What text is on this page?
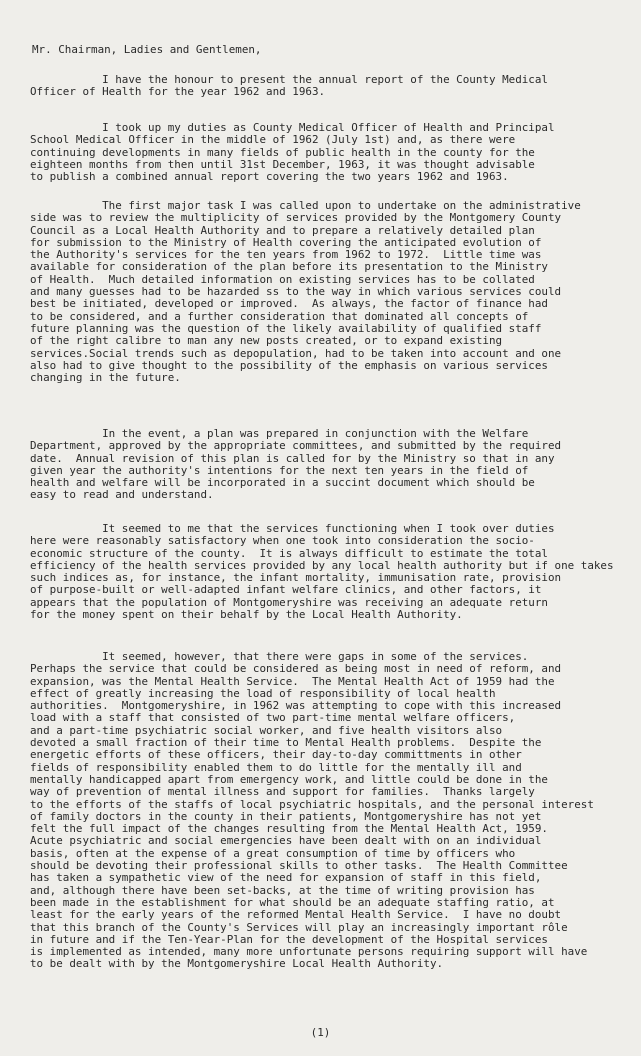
Mr. Chairman, Ladies and Gentlemen,
I have the honour to present the annual report of the County Medical
Officer of Health for the year 1962 and 1963.
I took up my duties as County Medical Officer of Health and Principal
School Medical Officer in the middle of 1962 (July 1st) and, as there were
continuing developments in many fields of public health in the county for the
eighteen months from then until 31st December, 1963, it was thought advisable
to publish a combined annual report covering the two years 1962 and 1963.
The first major task I was called upon to undertake on the administrative
side was to review the multiplicity of services provided by the Montgomery County
Council as a Local Health Authority and to prepare a relatively detailed plan
for submission to the Ministry of Health covering the anticipated evolution of
the Authority's services for the ten years from 1962 to 1972.  Little time was
available for consideration of the plan before its presentation to the Ministry
of Health.  Much detailed information on existing services has to be collated
and many guesses had to be hazarded ss to the way in which various services could
best be initiated, developed or improved.  As always, the factor of finance had
to be considered, and a further consideration that dominated all concepts of
future planning was the question of the likely availability of qualified staff
of the right calibre to man any new posts created, or to expand existing
services.Social trends such as depopulation, had to be taken into account and one
also had to give thought to the possibility of the emphasis on various services
changing in the future.
In the event, a plan was prepared in conjunction with the Welfare
Department, approved by the appropriate committees, and submitted by the required
date.  Annual revision of this plan is called for by the Ministry so that in any
given year the authority's intentions for the next ten years in the field of
health and welfare will be incorporated in a succint document which should be
easy to read and understand.
It seemed to me that the services functioning when I took over duties
here were reasonably satisfactory when one took into consideration the socio-
economic structure of the county.  It is always difficult to estimate the total
efficiency of the health services provided by any local health authority but if one takes
such indices as, for instance, the infant mortality, immunisation rate, provision
of purpose-built or well-adapted infant welfare clinics, and other factors, it
appears that the population of Montgomeryshire was receiving an adequate return
for the money spent on their behalf by the Local Health Authority.
It seemed, however, that there were gaps in some of the services.
Perhaps the service that could be considered as being most in need of reform, and
expansion, was the Mental Health Service.  The Mental Health Act of 1959 had the
effect of greatly increasing the load of responsibility of local health
authorities.  Montgomeryshire, in 1962 was attempting to cope with this increased
load with a staff that consisted of two part-time mental welfare officers,
and a part-time psychiatric social worker, and five health visitors also
devoted a small fraction of their time to Mental Health problems.  Despite the
energetic efforts of these officers, their day-to-day committments in other
fields of responsibility enabled them to do little for the mentally ill and
mentally handicapped apart from emergency work, and little could be done in the
way of prevention of mental illness and support for families.  Thanks largely
to the efforts of the staffs of local psychiatric hospitals, and the personal interest
of family doctors in the county in their patients, Montgomeryshire has not yet
felt the full impact of the changes resulting from the Mental Health Act, 1959.
Acute psychiatric and social emergencies have been dealt with on an individual
basis, often at the expense of a great consumption of time by officers who
should be devoting their professional skills to other tasks.  The Health Committee
has taken a sympathetic view of the need for expansion of staff in this field,
and, although there have been set-backs, at the time of writing provision has
been made in the establishment for what should be an adequate staffing ratio, at
least for the early years of the reformed Mental Health Service.  I have no doubt
that this branch of the County's Services will play an increasingly important rôle
in future and if the Ten-Year-Plan for the development of the Hospital services
is implemented as intended, many more unfortunate persons requiring support will have
to be dealt with by the Montgomeryshire Local Health Authority.
(1)
